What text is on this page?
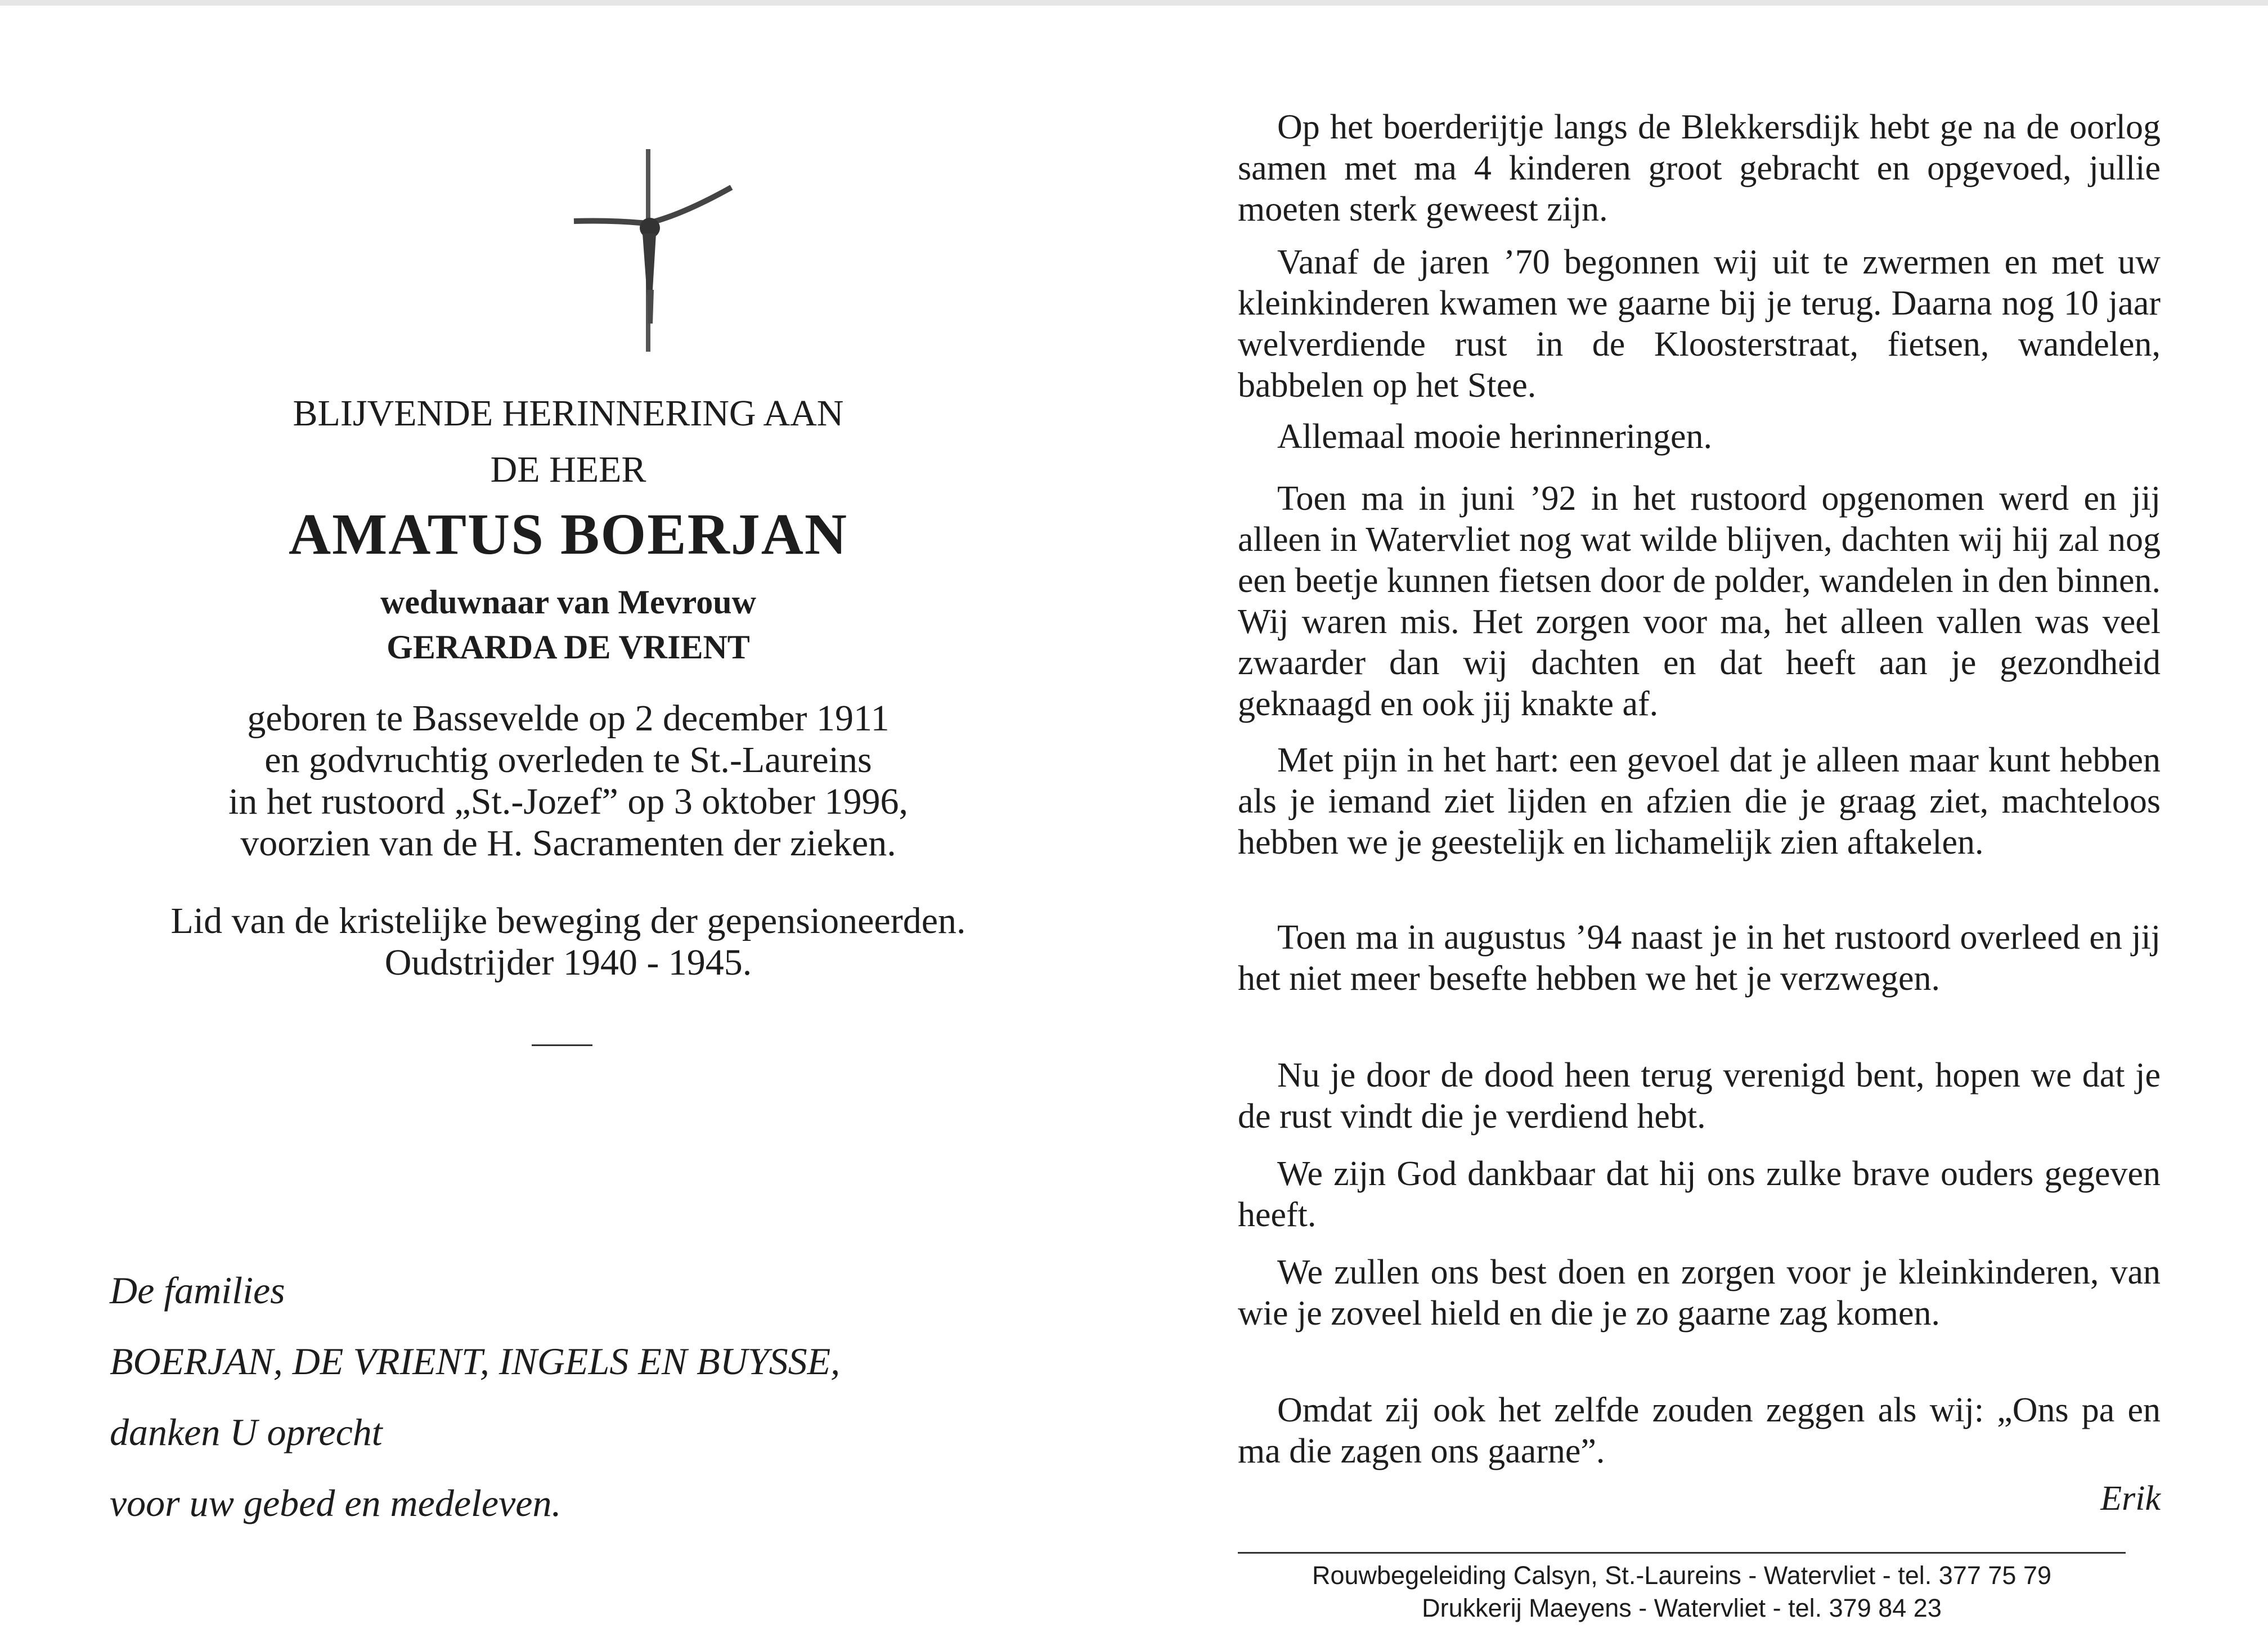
BLIJVENDE HERINNERING AAN
DE HEER
AMATUS BOERJAN
weduwnaar van Mevrouw
GERARDA DE VRIENT
geboren te Bassevelde op 2 december 1911
en godvruchtig overleden te St.-Laureins
in het rustoord „St.-Jozef” op 3 oktober 1996,
voorzien van de H. Sacramenten der zieken.
Lid van de kristelijke beweging der gepensioneerden.
Oudstrijder 1940 - 1945.
De families
BOERJAN, DE VRIENT, INGELS EN BUYSSE,
danken U oprecht
voor uw gebed en medeleven.

Op het boerderijtje langs de Blekkersdijk hebt ge na de oorlog samen met ma 4 kinderen groot gebracht en opgevoed, jullie moeten sterk geweest zijn.

Vanaf de jaren ’70 begonnen wij uit te zwermen en met uw kleinkinderen kwamen we gaarne bij je terug. Daarna nog 10 jaar welverdiende rust in de Kloosterstraat, fietsen, wandelen, babbelen op het Stee.

Allemaal mooie herinneringen.

Toen ma in juni ’92 in het rustoord opgenomen werd en jij alleen in Watervliet nog wat wilde blijven, dachten wij hij zal nog een beetje kunnen fietsen door de polder, wandelen in den binnen. Wij waren mis. Het zorgen voor ma, het alleen vallen was veel zwaarder dan wij dachten en dat heeft aan je gezondheid geknaagd en ook jij knakte af.

Met pijn in het hart: een gevoel dat je alleen maar kunt hebben als je iemand ziet lijden en afzien die je graag ziet, machteloos hebben we je geestelijk en lichamelijk zien aftakelen.

Toen ma in augustus ’94 naast je in het rustoord overleed en jij het niet meer besefte hebben we het je verzwegen.

Nu je door de dood heen terug verenigd bent, hopen we dat je de rust vindt die je verdiend hebt.

We zijn God dankbaar dat hij ons zulke brave ouders gegeven heeft.

We zullen ons best doen en zorgen voor je kleinkinderen, van wie je zoveel hield en die je zo gaarne zag komen.

Omdat zij ook het zelfde zouden zeggen als wij: „Ons pa en ma die zagen ons gaarne”.

Erik
Rouwbegeleiding Calsyn, St.-Laureins - Watervliet - tel. 377 75 79
Drukkerij Maeyens - Watervliet - tel. 379 84 23
